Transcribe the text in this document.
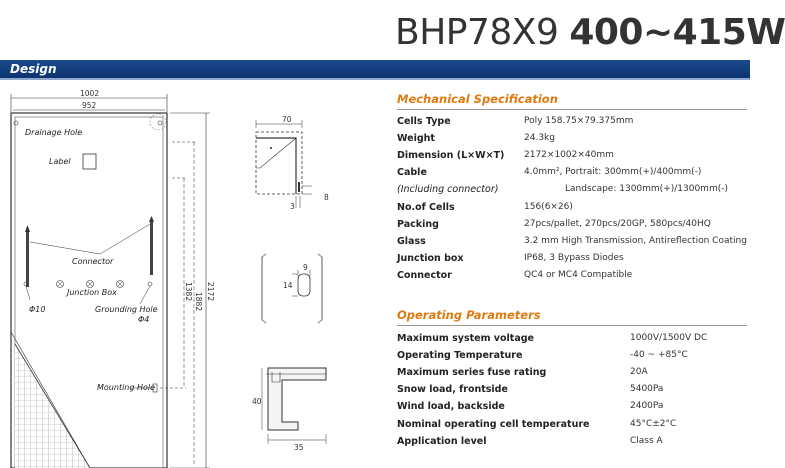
BHP78X9 400~415W
Design
1002
952
Drainage Hole
Label
Connector
Junction Box
Φ10	Grounding Hole
Φ4
Mounting Hole
2172
1882
1382
70
8
3
9
14
40
35
Mechanical Specification
Cells Type	Poly 158.75×79.375mm
Weight	24.3kg
Dimension (L×W×T) 2172×1002×40mm
Cable	4.0mm², Portrait: 300mm(+)/400mm(-)
(Including connector)	Landscape: 1300mm(+)/1300mm(-)
No.of Cells	156(6×26)
Packing	27pcs/pallet, 270pcs/20GP, 580pcs/40HQ
Glass	3.2 mm High Transmission, Antireflection Coating
Junction box	IP68, 3 Bypass Diodes
Connector	QC4 or MC4 Compatible
Operating Parameters
Maximum system voltage	1000V/1500V DC
Operating Temperature	-40 ~ +85°C
Maximum series fuse rating	20A
Snow load, frontside	5400Pa
Wind load, backside	2400Pa
Nominal operating cell temperature	45°C±2°C
Application level	Class A
